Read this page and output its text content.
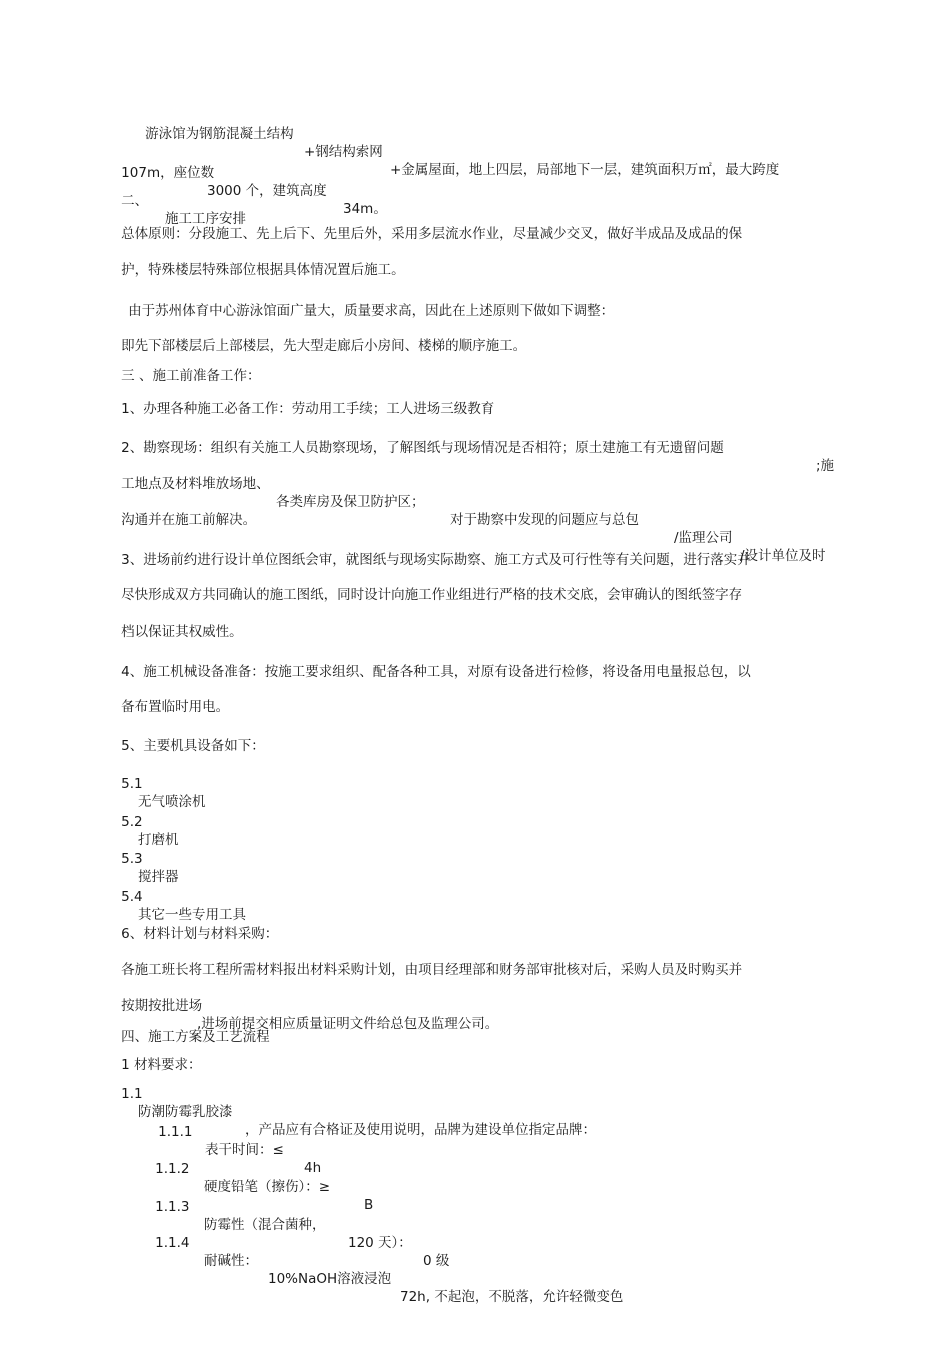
游泳馆为钢筋混凝土结构

+钢结构索网

+金属屋面，地上四层，局部地下一层，建筑面积万㎡，最大跨度

107m，座位数

3000 个，建筑高度

34m。

二、

施工工序安排

总体原则：分段施工、先上后下、先里后外，采用多层流水作业，尽量减少交叉，做好半成品及成品的保

护，特殊楼层特殊部位根据具体情况置后施工。

由于苏州体育中心游泳馆面广量大，质量要求高，因此在上述原则下做如下调整：

即先下部楼层后上部楼层，先大型走廊后小房间、楼梯的顺序施工。

三 、施工前准备工作：

1、办理各种施工必备工作：劳动用工手续；工人进场三级教育

2、勘察现场：组织有关施工人员勘察现场，了解图纸与现场情况是否相符；原土建施工有无遗留问题

;施

工地点及材料堆放场地、

各类库房及保卫防护区；

对于勘察中发现的问题应与总包

/监理公司

/设计单位及时

沟通并在施工前解决。

3、进场前约进行设计单位图纸会审，就图纸与现场实际勘察、施工方式及可行性等有关问题，进行落实并

尽快形成双方共同确认的施工图纸，同时设计向施工作业组进行严格的技术交底，会审确认的图纸签字存

档以保证其权威性。

4、施工机械设备准备：按施工要求组织、配备各种工具，对原有设备进行检修，将设备用电量报总包，以

备布置临时用电。

5、主要机具设备如下：

5.1

无气喷涂机

5.2

打磨机

5.3

搅拌器

5.4

其它一些专用工具

6、材料计划与材料采购：

各施工班长将工程所需材料报出材料采购计划，由项目经理部和财务部审批核对后，采购人员及时购买并

按期按批进场

,进场前提交相应质量证明文件给总包及监理公司。

四、施工方案及工艺流程

1 材料要求：

1.1

防潮防霉乳胶漆

，产品应有合格证及使用说明，品牌为建设单位指定品牌：

1.1.1

表干时间：≤

4h

1.1.2

硬度铅笔（擦伤）：≥

B

1.1.3

防霉性（混合菌种，

120 天）：

0 级

1.1.4

耐碱性：

10%NaOH溶液浸泡

72h, 不起泡，不脱落，允许轻微变色
